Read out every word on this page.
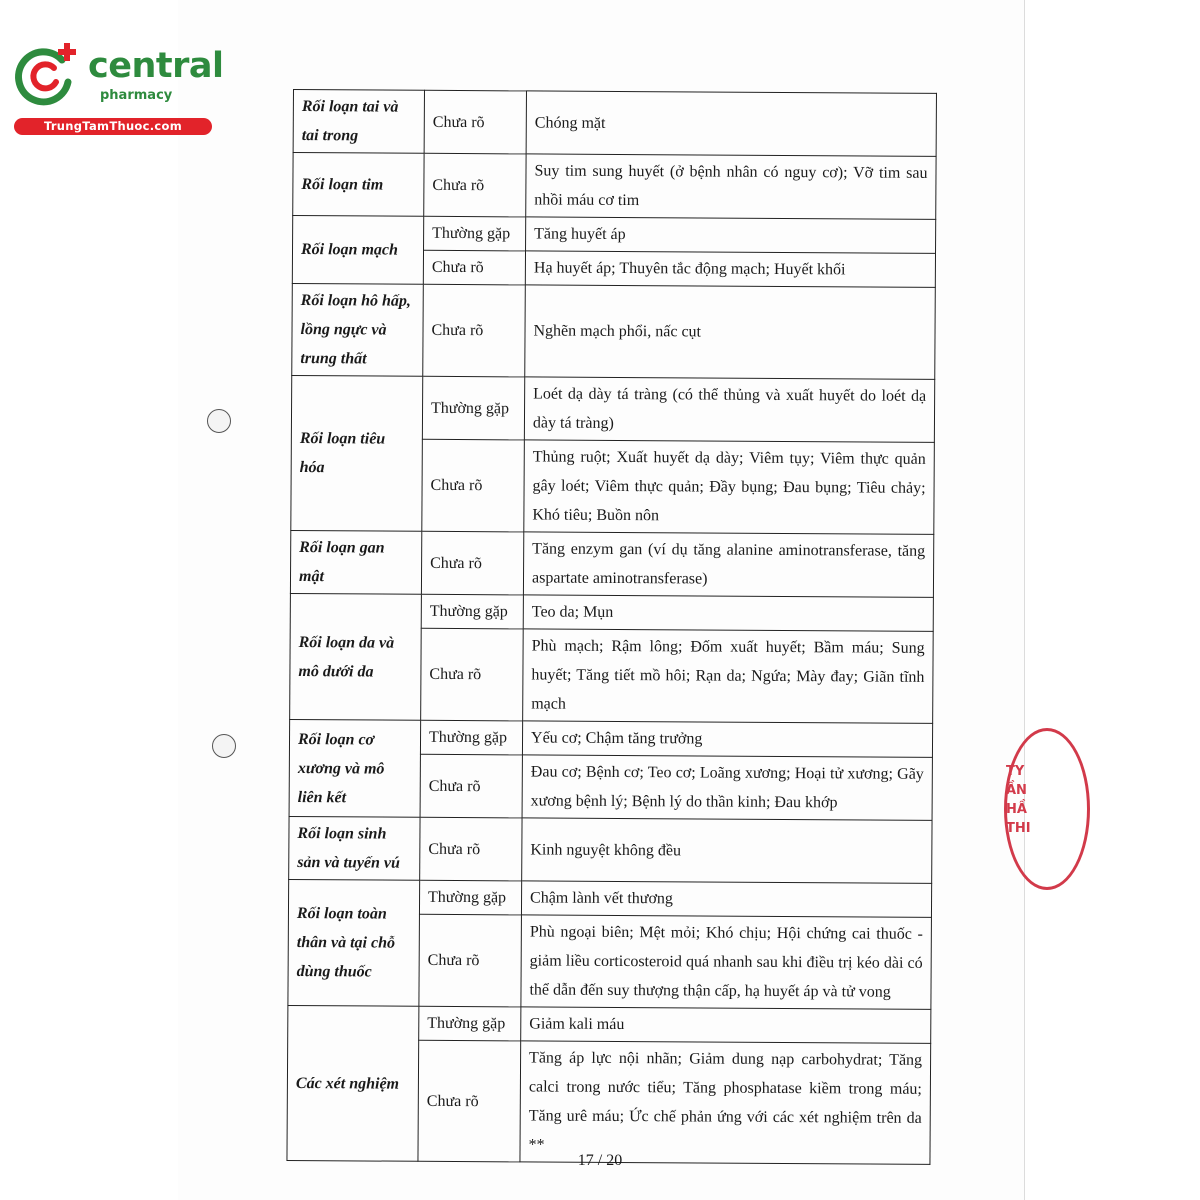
central
pharmacy
TrungTamThuoc.com
Rối loạn tai và tai trong	Chưa rõ	Chóng mặt
Rối loạn tim	Chưa rõ	Suy tim sung huyết (ở bệnh nhân có nguy cơ); Vỡ tim sau nhồi máu cơ tim
Rối loạn mạch	Thường gặp	Tăng huyết áp
	Chưa rõ	Hạ huyết áp; Thuyên tắc động mạch; Huyết khối
Rối loạn hô hấp, lồng ngực và trung thất	Chưa rõ	Nghẽn mạch phổi, nấc cụt
Rối loạn tiêu hóa	Thường gặp	Loét dạ dày tá tràng (có thể thủng và xuất huyết do loét dạ dày tá tràng)
	Chưa rõ	Thủng ruột; Xuất huyết dạ dày; Viêm tụy; Viêm thực quản gây loét; Viêm thực quản; Đầy bụng; Đau bụng; Tiêu chảy; Khó tiêu; Buồn nôn
Rối loạn gan mật	Chưa rõ	Tăng enzym gan (ví dụ tăng alanine aminotransferase, tăng aspartate aminotransferase)
Rối loạn da và mô dưới da	Thường gặp	Teo da; Mụn
	Chưa rõ	Phù mạch; Rậm lông; Đốm xuất huyết; Bầm máu; Sung huyết; Tăng tiết mồ hôi; Rạn da; Ngứa; Mày đay; Giãn tĩnh mạch
Rối loạn cơ xương và mô liên kết	Thường gặp	Yếu cơ; Chậm tăng trưởng
	Chưa rõ	Đau cơ; Bệnh cơ; Teo cơ; Loãng xương; Hoại tử xương; Gãy xương bệnh lý; Bệnh lý do thần kinh; Đau khớp
Rối loạn sinh sản và tuyến vú	Chưa rõ	Kinh nguyệt không đều
Rối loạn toàn thân và tại chỗ dùng thuốc	Thường gặp	Chậm lành vết thương
	Chưa rõ	Phù ngoại biên; Mệt mỏi; Khó chịu; Hội chứng cai thuốc - giảm liều corticosteroid quá nhanh sau khi điều trị kéo dài có thể dẫn đến suy thượng thận cấp, hạ huyết áp và tử vong
Các xét nghiệm	Thường gặp	Giảm kali máu
	Chưa rõ	Tăng áp lực nội nhãn; Giảm dung nạp carbohydrat; Tăng calci trong nước tiểu; Tăng phosphatase kiềm trong máu; Tăng urê máu; Ức chế phản ứng với các xét nghiệm trên da **
TY
ẦN
HẦ
THI
17 / 20
